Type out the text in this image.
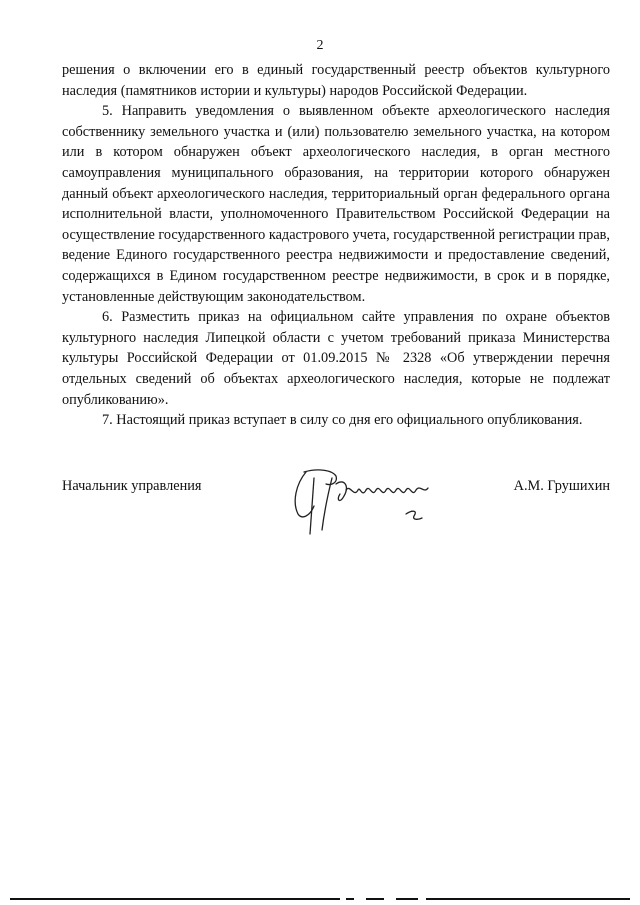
2

решения о включении его в единый государственный реестр объектов культурного наследия (памятников истории и культуры) народов Российской Федерации.

5. Направить уведомления о выявленном объекте археологического наследия собственнику земельного участка и (или) пользователю земельного участка, на котором или в котором обнаружен объект археологического наследия, в орган местного самоуправления муниципального образования, на территории которого обнаружен данный объект археологического наследия, территориальный орган федерального органа исполнительной власти, уполномоченного Правительством Российской Федерации на осуществление государственного кадастрового учета, государственной регистрации прав, ведение Единого государственного реестра недвижимости и предоставление сведений, содержащихся в Едином государственном реестре недвижимости, в срок и в порядке, установленные действующим законодательством.

6. Разместить приказ на официальном сайте управления по охране объектов культурного наследия Липецкой области с учетом требований приказа Министерства культуры Российской Федерации от 01.09.2015 № 2328 «Об утверждении перечня отдельных сведений об объектах археологического наследия, которые не подлежат опубликованию».

7. Настоящий приказ вступает в силу со дня его официального опубликования.

Начальник управления	А.М. Грушихин
